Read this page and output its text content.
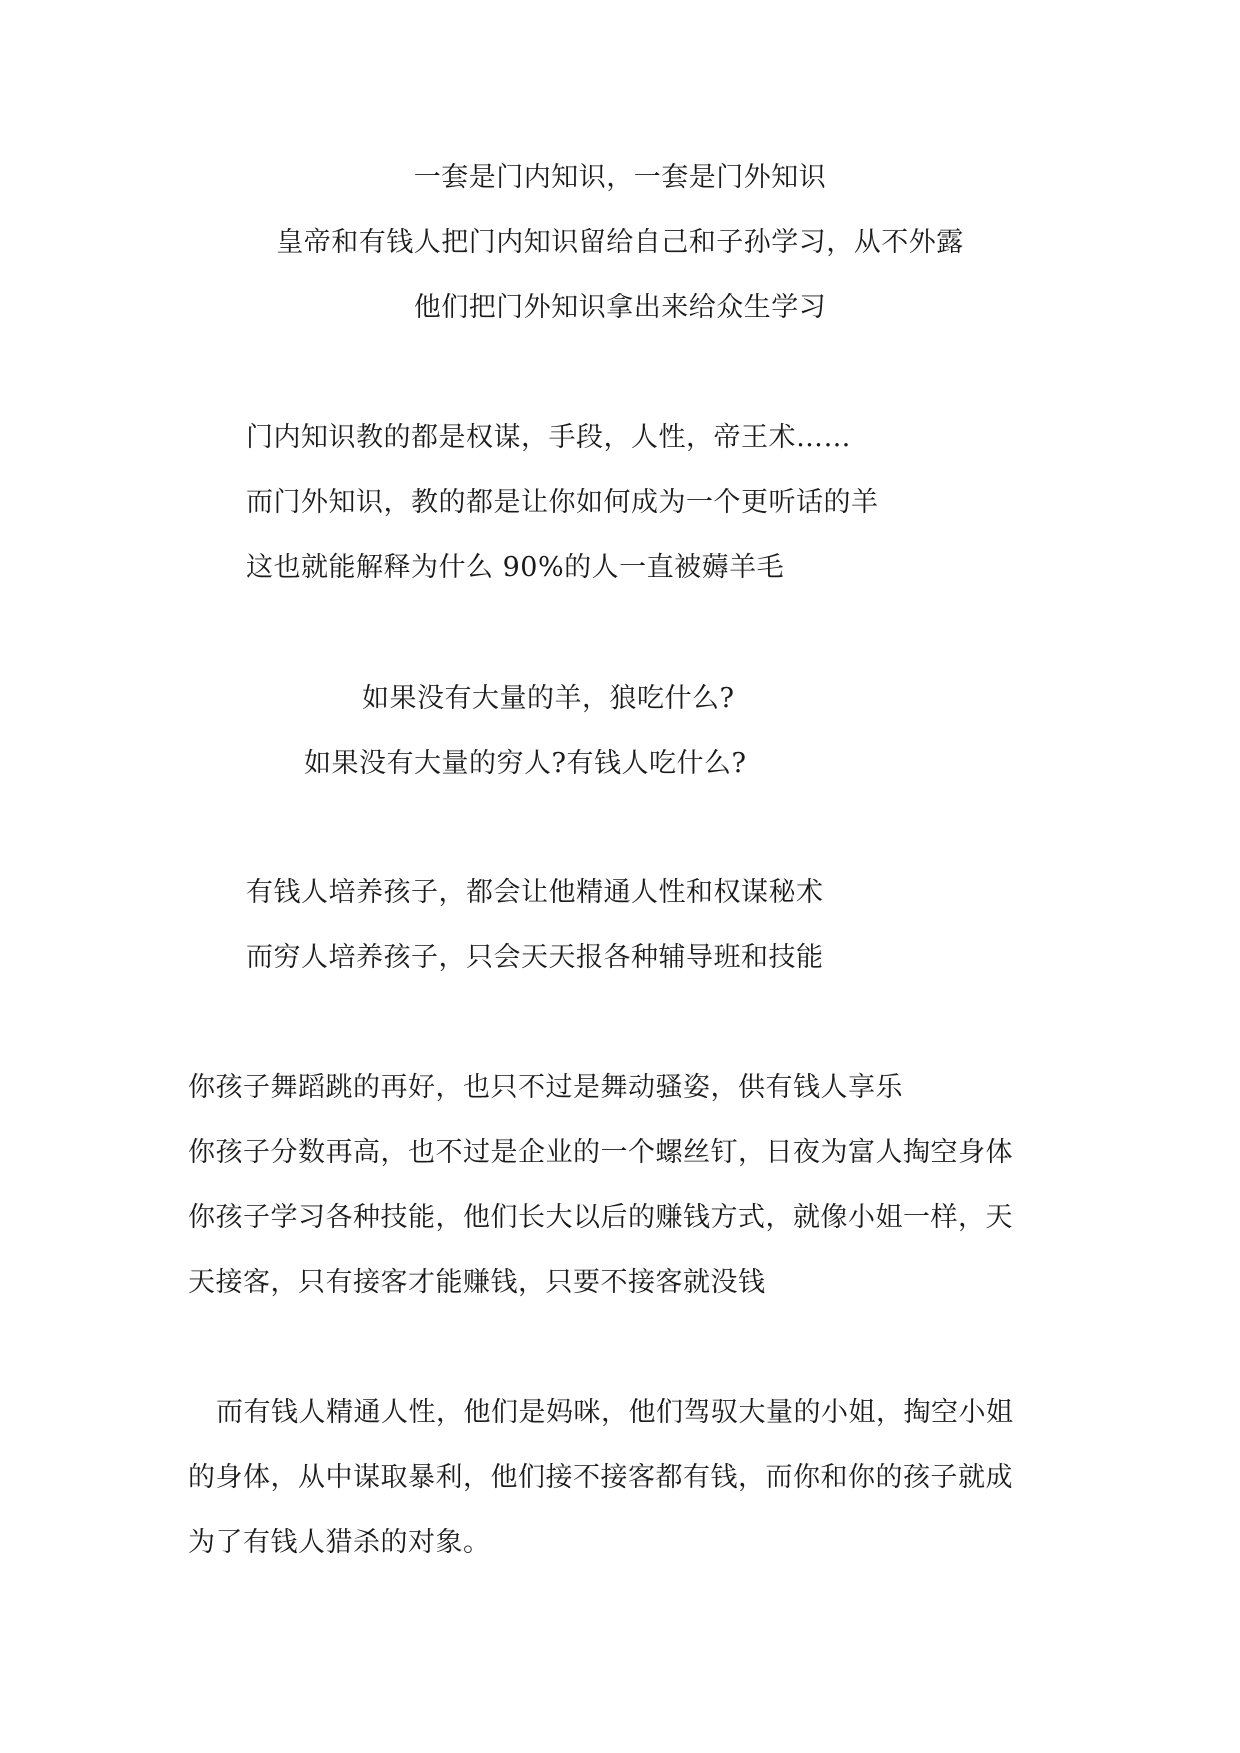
一套是门内知识，一套是门外知识
皇帝和有钱人把门内知识留给自己和子孙学习，从不外露
他们把门外知识拿出来给众生学习
门内知识教的都是权谋，手段，人性，帝王术……
而门外知识，教的都是让你如何成为一个更听话的羊
这也就能解释为什么 90%的人一直被薅羊毛
如果没有大量的羊，狼吃什么?
如果没有大量的穷人?有钱人吃什么?
有钱人培养孩子，都会让他精通人性和权谋秘术
而穷人培养孩子，只会天天报各种辅导班和技能
你孩子舞蹈跳的再好，也只不过是舞动骚姿，供有钱人享乐
你孩子分数再高，也不过是企业的一个螺丝钉，日夜为富人掏空身体
你孩子学习各种技能，他们长大以后的赚钱方式，就像小姐一样，天
天接客，只有接客才能赚钱，只要不接客就没钱
而有钱人精通人性，他们是妈咪，他们驾驭大量的小姐，掏空小姐
的身体，从中谋取暴利，他们接不接客都有钱，而你和你的孩子就成
为了有钱人猎杀的对象。
